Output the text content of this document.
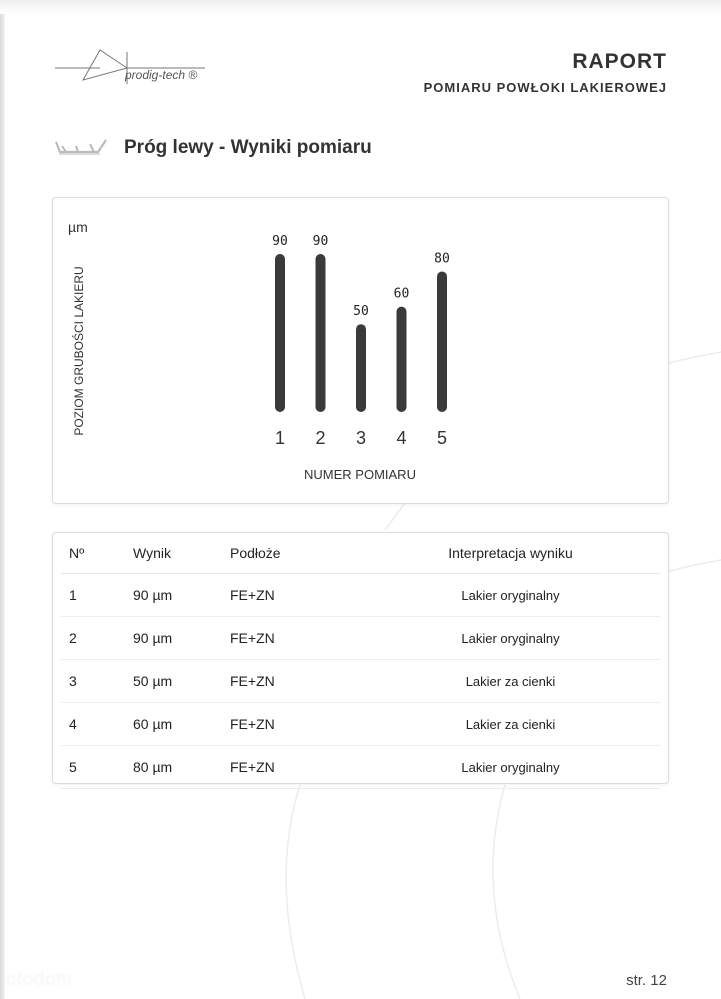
prodig-tech ®
RAPORT
POMIARU POWŁOKI LAKIEROWEJ
Próg lewy - Wyniki pomiaru
µm
POZIOM GRUBOŚCI LAKIERU
NUMER POMIARU
90
1
90
2
50
3
60
4
80
5
Nº	Wynik	Podłoże	Interpretacja wyniku
1	90 µm	FE+ZN	Lakier oryginalny
2	90 µm	FE+ZN	Lakier oryginalny
3	50 µm	FE+ZN	Lakier za cienki
4	60 µm	FE+ZN	Lakier za cienki
5	80 µm	FE+ZN	Lakier oryginalny
str. 12
otodom
